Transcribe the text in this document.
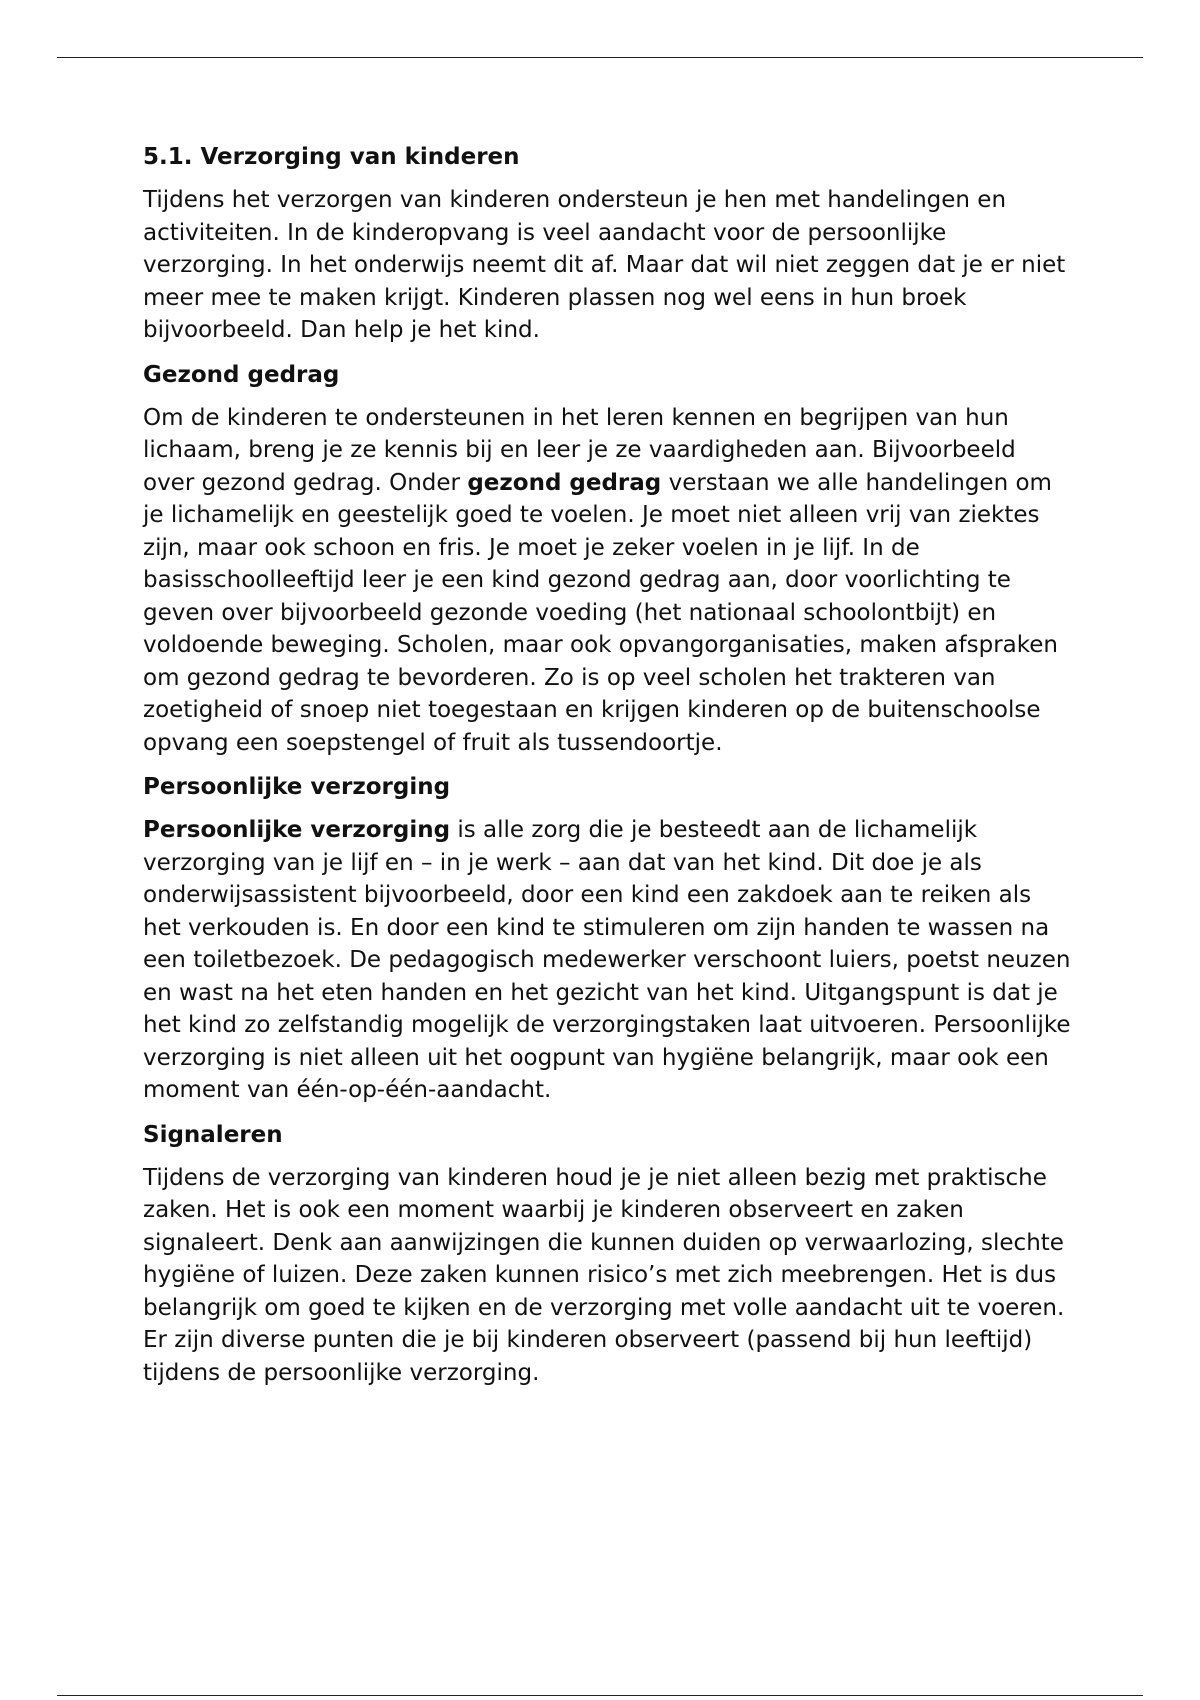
5.1. Verzorging van kinderen

Tijdens het verzorgen van kinderen ondersteun je hen met handelingen en activiteiten. In de kinderopvang is veel aandacht voor de persoonlijke verzorging. In het onderwijs neemt dit af. Maar dat wil niet zeggen dat je er niet meer mee te maken krijgt. Kinderen plassen nog wel eens in hun broek bijvoorbeeld. Dan help je het kind.

Gezond gedrag

Om de kinderen te ondersteunen in het leren kennen en begrijpen van hun lichaam, breng je ze kennis bij en leer je ze vaardigheden aan. Bijvoorbeeld over gezond gedrag. Onder gezond gedrag verstaan we alle handelingen om je lichamelijk en geestelijk goed te voelen. Je moet niet alleen vrij van ziektes zijn, maar ook schoon en fris. Je moet je zeker voelen in je lijf. In de basisschoolleeftijd leer je een kind gezond gedrag aan, door voorlichting te geven over bijvoorbeeld gezonde voeding (het nationaal schoolontbijt) en voldoende beweging. Scholen, maar ook opvangorganisaties, maken afspraken om gezond gedrag te bevorderen. Zo is op veel scholen het trakteren van zoetigheid of snoep niet toegestaan en krijgen kinderen op de buitenschoolse opvang een soepstengel of fruit als tussendoortje.

Persoonlijke verzorging

Persoonlijke verzorging is alle zorg die je besteedt aan de lichamelijk verzorging van je lijf en – in je werk – aan dat van het kind. Dit doe je als onderwijsassistent bijvoorbeeld, door een kind een zakdoek aan te reiken als het verkouden is. En door een kind te stimuleren om zijn handen te wassen na een toiletbezoek. De pedagogisch medewerker verschoont luiers, poetst neuzen en wast na het eten handen en het gezicht van het kind. Uitgangspunt is dat je het kind zo zelfstandig mogelijk de verzorgingstaken laat uitvoeren. Persoonlijke verzorging is niet alleen uit het oogpunt van hygiëne belangrijk, maar ook een moment van één-op-één-aandacht.

Signaleren

Tijdens de verzorging van kinderen houd je je niet alleen bezig met praktische zaken. Het is ook een moment waarbij je kinderen observeert en zaken signaleert. Denk aan aanwijzingen die kunnen duiden op verwaarlozing, slechte hygiëne of luizen. Deze zaken kunnen risico’s met zich meebrengen. Het is dus belangrijk om goed te kijken en de verzorging met volle aandacht uit te voeren. Er zijn diverse punten die je bij kinderen observeert (passend bij hun leeftijd) tijdens de persoonlijke verzorging.
